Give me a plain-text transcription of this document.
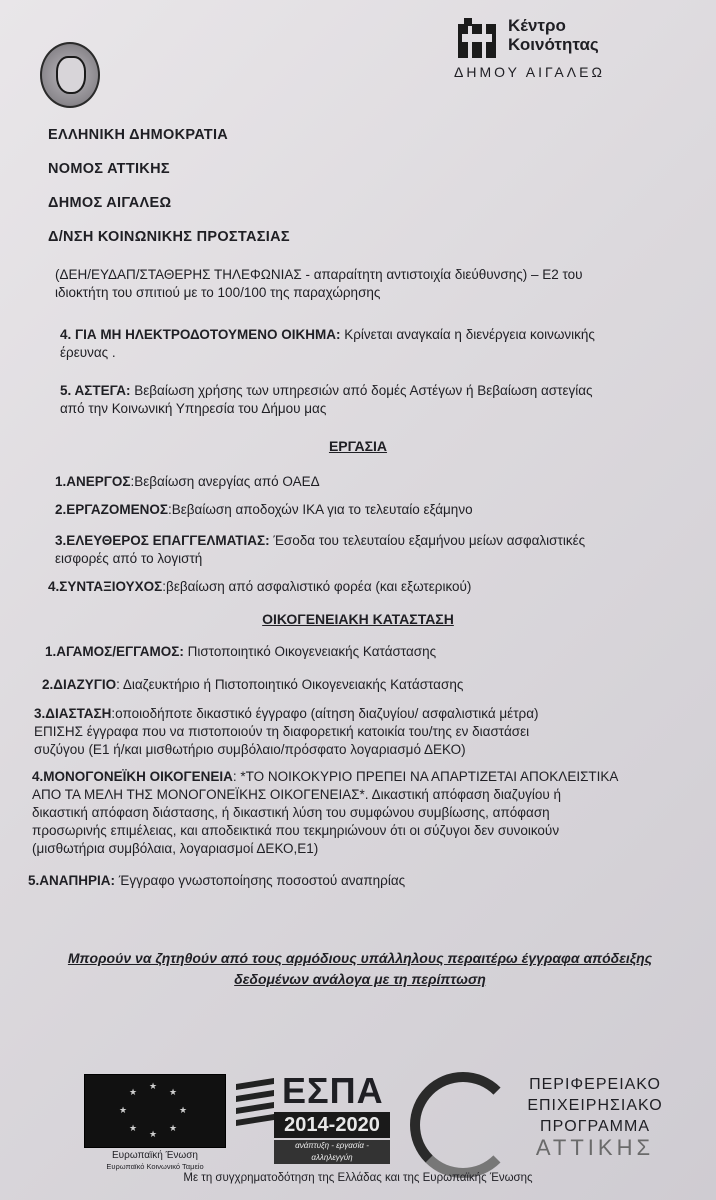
Κέντρο
Κοινότητας
ΔΗΜΟΥ ΑΙΓΑΛΕΩ
ΕΛΛΗΝΙΚΗ ΔΗΜΟΚΡΑΤΙΑ
ΝΟΜΟΣ ΑΤΤΙΚΗΣ
ΔΗΜΟΣ ΑΙΓΑΛΕΩ
Δ/ΝΣΗ ΚΟΙΝΩΝΙΚΗΣ ΠΡΟΣΤΑΣΙΑΣ
(ΔΕΗ/ΕΥΔΑΠ/ΣΤΑΘΕΡΗΣ ΤΗΛΕΦΩΝΙΑΣ - απαραίτητη αντιστοιχία διεύθυνσης) – Ε2 του
ιδιοκτήτη του σπιτιού με το 100/100 της παραχώρησης
4. ΓΙΑ ΜΗ ΗΛΕΚΤΡΟΔΟΤΟΥΜΕΝΟ ΟΙΚΗΜΑ: Κρίνεται αναγκαία η διενέργεια κοινωνικής
έρευνας .
5. ΑΣΤΕΓΑ: Βεβαίωση χρήσης των υπηρεσιών από δομές Αστέγων ή Βεβαίωση αστεγίας
από την Κοινωνική Υπηρεσία του Δήμου μας
ΕΡΓΑΣΙΑ
1.ΑΝΕΡΓΟΣ:Βεβαίωση ανεργίας από ΟΑΕΔ
2.ΕΡΓΑΖΟΜΕΝΟΣ:Βεβαίωση αποδοχών ΙΚΑ για το τελευταίο εξάμηνο
3.ΕΛΕΥΘΕΡΟΣ ΕΠΑΓΓΕΛΜΑΤΙΑΣ: Έσοδα του τελευταίου εξαμήνου μείων ασφαλιστικές
εισφορές από το λογιστή
4.ΣΥΝΤΑΞΙΟΥΧΟΣ:βεβαίωση από ασφαλιστικό φορέα (και εξωτερικού)
ΟΙΚΟΓΕΝΕΙΑΚΗ ΚΑΤΑΣΤΑΣΗ
1.ΑΓΑΜΟΣ/ΕΓΓΑΜΟΣ: Πιστοποιητικό Οικογενειακής Κατάστασης
2.ΔΙΑΖΥΓΙΟ: Διαζευκτήριο ή Πιστοποιητικό Οικογενειακής Κατάστασης
3.ΔΙΑΣΤΑΣΗ:οποιοδήποτε δικαστικό έγγραφο (αίτηση διαζυγίου/ ασφαλιστικά μέτρα)
ΕΠΙΣΗΣ έγγραφα που να πιστοποιούν τη διαφορετική κατοικία του/της εν διαστάσει
συζύγου (Ε1 ή/και μισθωτήριο συμβόλαιο/πρόσφατο λογαριασμό ΔΕΚΟ)
4.ΜΟΝΟΓΟΝΕΪΚΗ ΟΙΚΟΓΕΝΕΙΑ: *ΤΟ ΝΟΙΚΟΚΥΡΙΟ ΠΡΕΠΕΙ ΝΑ ΑΠΑΡΤΙΖΕΤΑΙ ΑΠΟΚΛΕΙΣΤΙΚΑ
ΑΠΟ ΤΑ ΜΕΛΗ ΤΗΣ ΜΟΝΟΓΟΝΕΪΚΗΣ ΟΙΚΟΓΕΝΕΙΑΣ*. Δικαστική απόφαση διαζυγίου ή
δικαστική απόφαση διάστασης, ή δικαστική λύση του συμφώνου συμβίωσης, απόφαση
προσωρινής επιμέλειας, και αποδεικτικά που τεκμηριώνουν ότι οι σύζυγοι δεν συνοικούν
(μισθωτήρια συμβόλαια, λογαριασμοί ΔΕΚΟ,Ε1)
5.ΑΝΑΠΗΡΙΑ: Έγγραφο γνωστοποίησης ποσοστού αναπηρίας
Μπορούν να ζητηθούν από τους αρμόδιους υπάλληλους περαιτέρω έγγραφα απόδειξης
δεδομένων ανάλογα με τη περίπτωση
★
★
★
★
★
★
★
★
Ευρωπαϊκή Ένωση
Ευρωπαϊκό Κοινωνικό Ταμείο
ΕΣΠΑ
2014-2020
ανάπτυξη - εργασία - αλληλεγγύη
ΠΕΡΙΦΕΡΕΙΑΚΟ
ΕΠΙΧΕΙΡΗΣΙΑΚΟ
ΠΡΟΓΡΑΜΜΑ
ΑΤΤΙΚΗΣ
Με τη συγχρηματοδότηση της Ελλάδας και της Ευρωπαϊκής Ένωσης
